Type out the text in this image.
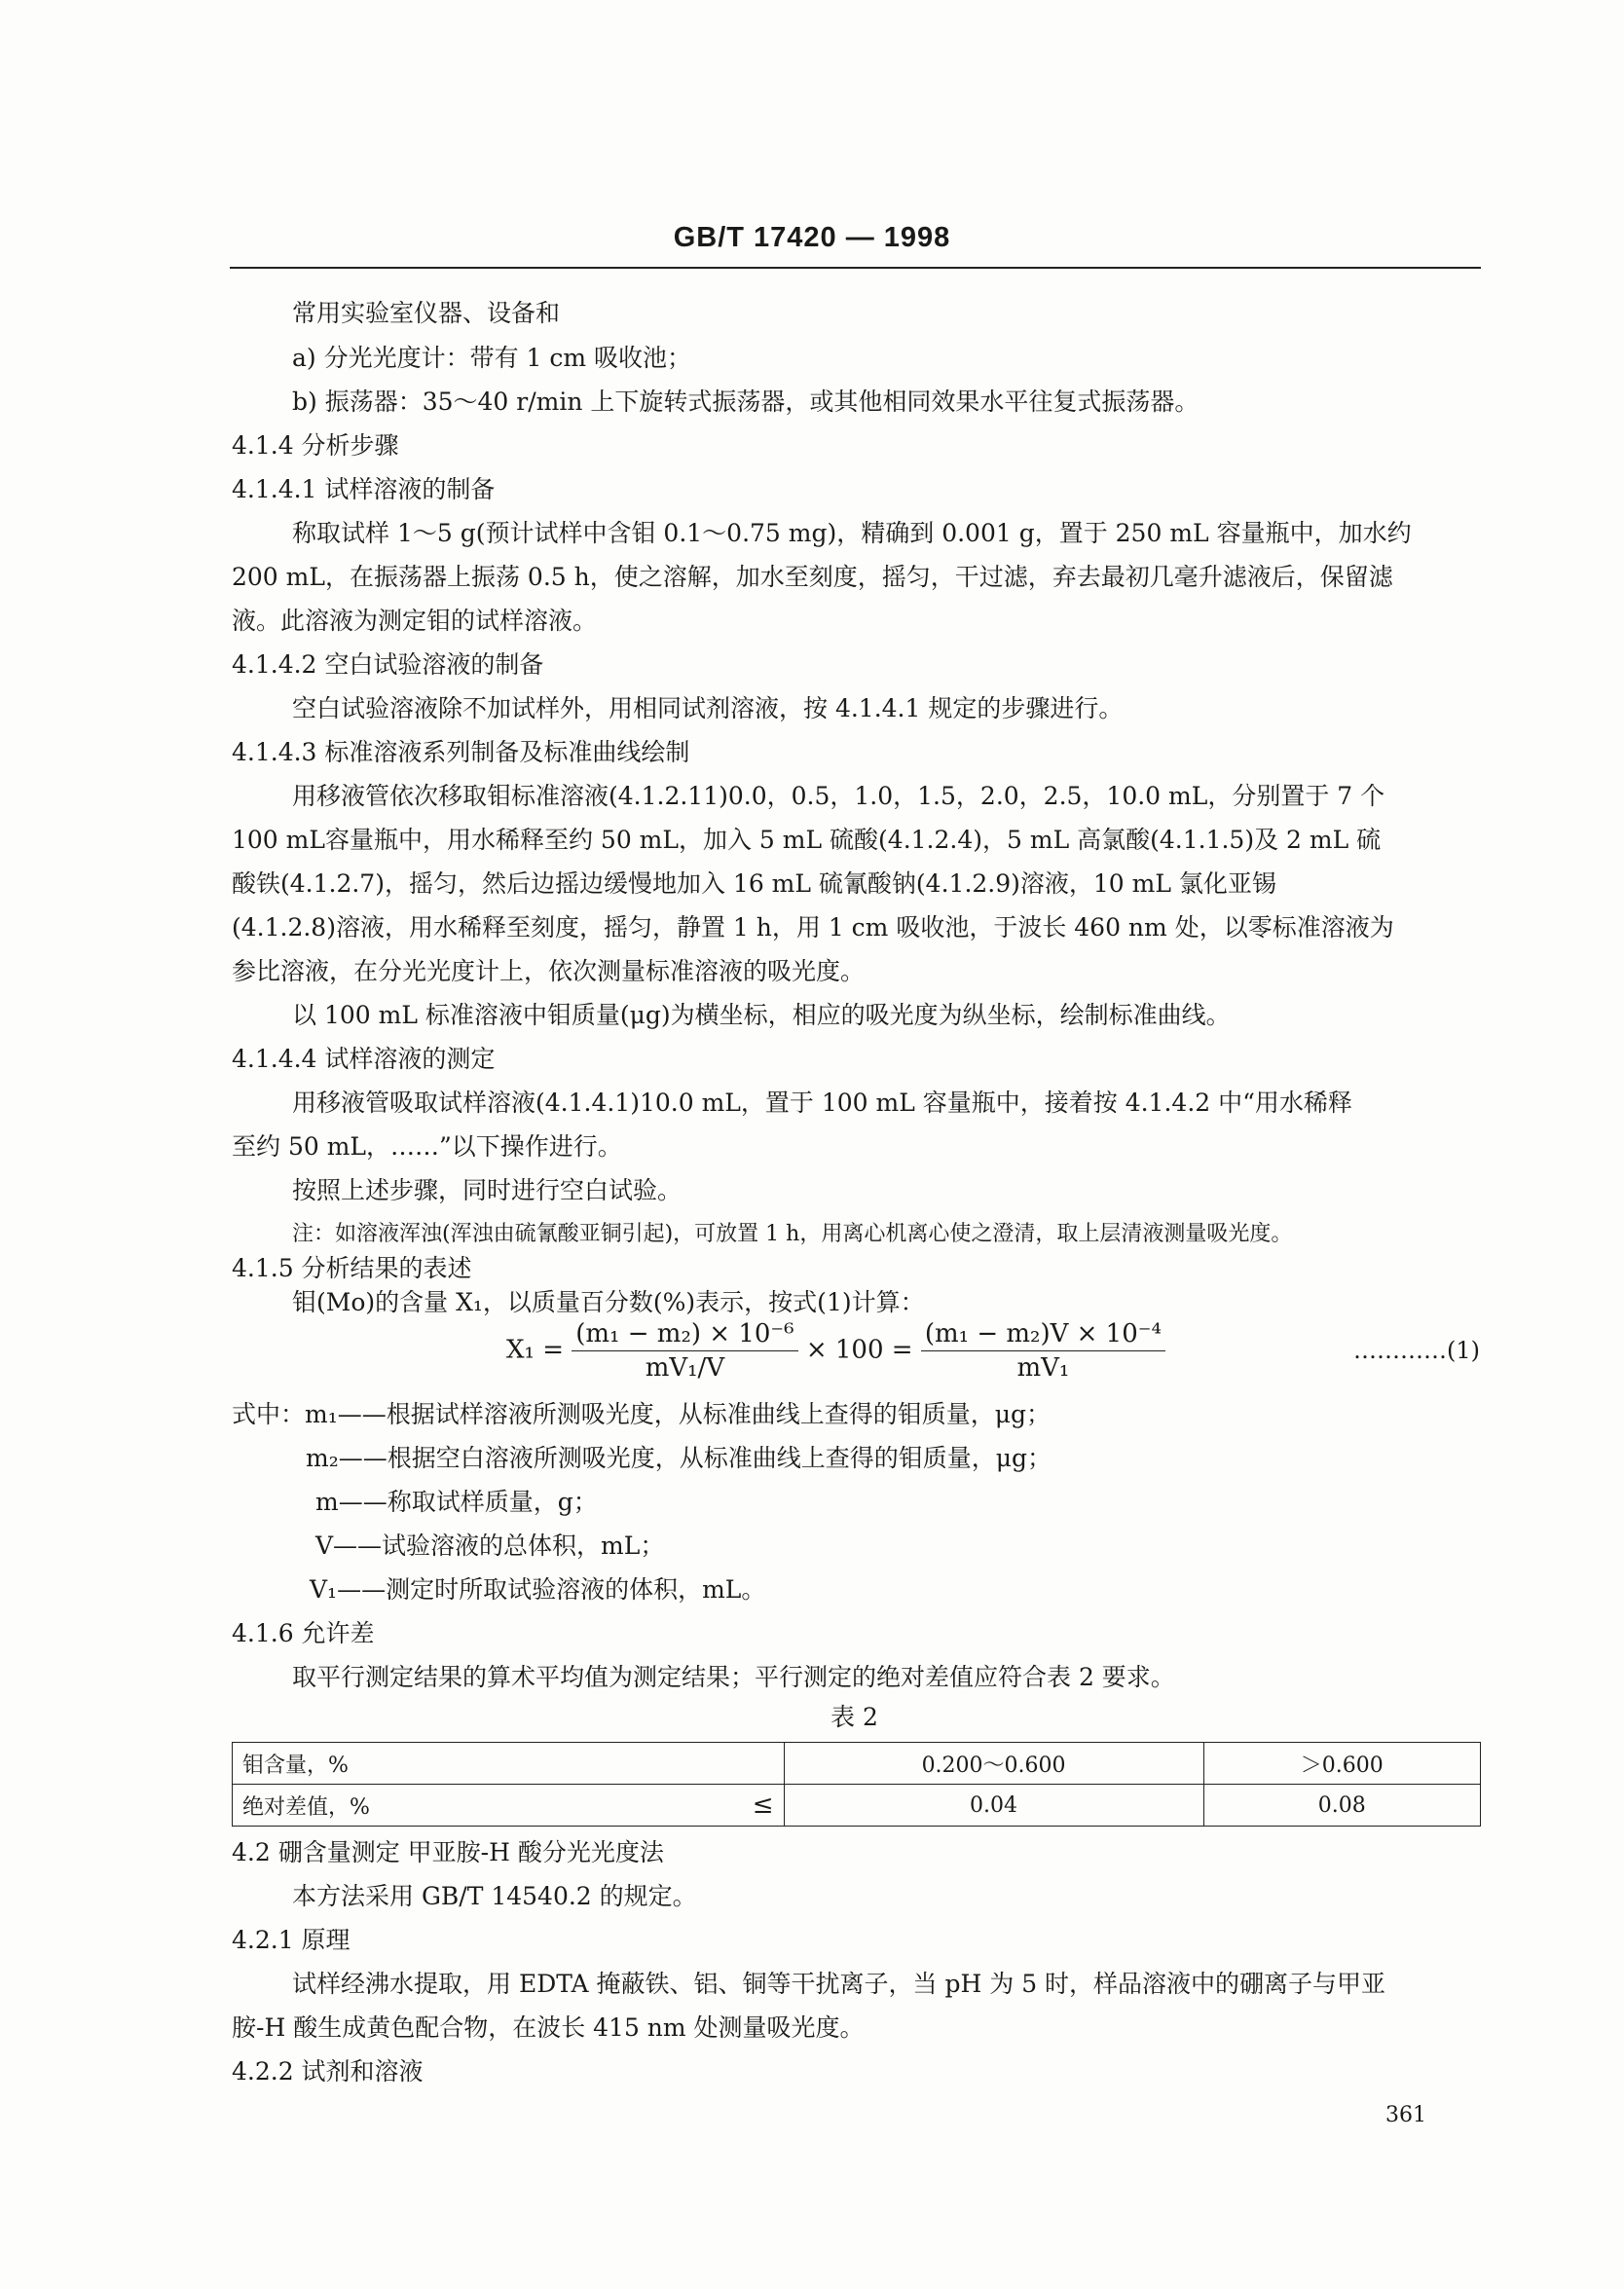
GB/T 17420 — 1998
常用实验室仪器、设备和
a) 分光光度计：带有 1 cm 吸收池；
b) 振荡器：35～40 r/min 上下旋转式振荡器，或其他相同效果水平往复式振荡器。
4.1.4 分析步骤
4.1.4.1 试样溶液的制备
称取试样 1～5 g(预计试样中含钼 0.1～0.75 mg)，精确到 0.001 g，置于 250 mL 容量瓶中，加水约
200 mL，在振荡器上振荡 0.5 h，使之溶解，加水至刻度，摇匀，干过滤，弃去最初几毫升滤液后，保留滤
液。此溶液为测定钼的试样溶液。
4.1.4.2 空白试验溶液的制备
空白试验溶液除不加试样外，用相同试剂溶液，按 4.1.4.1 规定的步骤进行。
4.1.4.3 标准溶液系列制备及标准曲线绘制
用移液管依次移取钼标准溶液(4.1.2.11)0.0，0.5，1.0，1.5，2.0，2.5，10.0 mL，分别置于 7 个
100 mL容量瓶中，用水稀释至约 50 mL，加入 5 mL 硫酸(4.1.2.4)，5 mL 高氯酸(4.1.1.5)及 2 mL 硫
酸铁(4.1.2.7)，摇匀，然后边摇边缓慢地加入 16 mL 硫氰酸钠(4.1.2.9)溶液，10 mL 氯化亚锡
(4.1.2.8)溶液，用水稀释至刻度，摇匀，静置 1 h，用 1 cm 吸收池，于波长 460 nm 处，以零标准溶液为
参比溶液，在分光光度计上，依次测量标准溶液的吸光度。
以 100 mL 标准溶液中钼质量(μg)为横坐标，相应的吸光度为纵坐标，绘制标准曲线。
4.1.4.4 试样溶液的测定
用移液管吸取试样溶液(4.1.4.1)10.0 mL，置于 100 mL 容量瓶中，接着按 4.1.4.2 中“用水稀释
至约 50 mL，……”以下操作进行。
按照上述步骤，同时进行空白试验。
注：如溶液浑浊(浑浊由硫氰酸亚铜引起)，可放置 1 h，用离心机离心使之澄清，取上层清液测量吸光度。
4.1.5 分析结果的表述
钼(Mo)的含量 X₁，以质量百分数(%)表示，按式(1)计算：
$X_1 = \frac{\text{(m₁ − m₂) × 10⁻⁶}}{\text{mV₁/V}} \times 100 = \frac{\text{(m₁ − m₂)V × 10⁻⁴}}{\text{mV₁}}$	…………(1)
式中：m₁——根据试样溶液所测吸光度，从标准曲线上查得的钼质量，μg；
m₂——根据空白溶液所测吸光度，从标准曲线上查得的钼质量，μg；
m——称取试样质量，g；
V——试验溶液的总体积，mL；
V₁——测定时所取试验溶液的体积，mL。
4.1.6 允许差
取平行测定结果的算术平均值为测定结果；平行测定的绝对差值应符合表 2 要求。
表 2
钼含量，%		0.200～0.600	＞0.600
绝对差值，%	≤	0.04	0.08
4.2 硼含量测定 甲亚胺-H 酸分光光度法
本方法采用 GB/T 14540.2 的规定。
4.2.1 原理
试样经沸水提取，用 EDTA 掩蔽铁、铝、铜等干扰离子，当 pH 为 5 时，样品溶液中的硼离子与甲亚
胺-H 酸生成黄色配合物，在波长 415 nm 处测量吸光度。
4.2.2 试剂和溶液
361
